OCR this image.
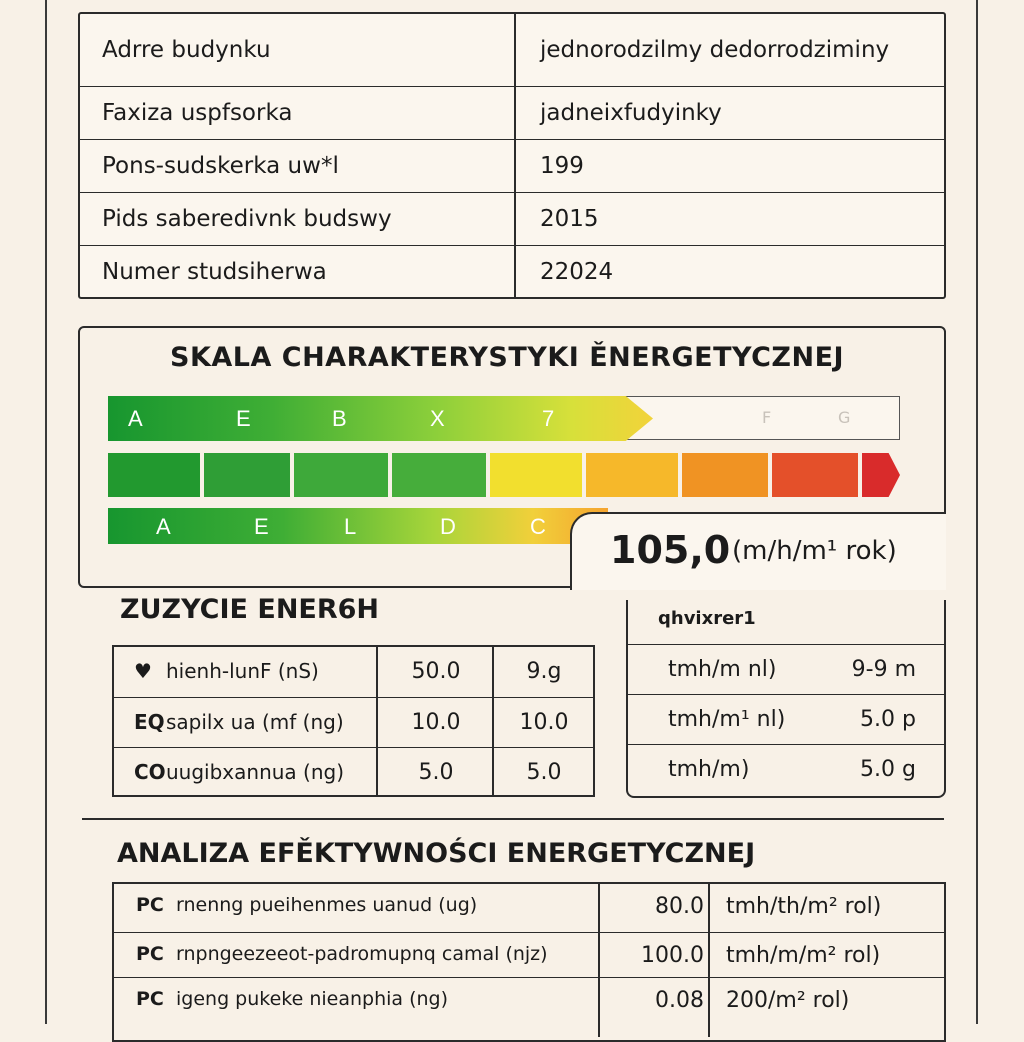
Adrre budynku	jednorodzilmy dedorrodziminy
Faxiza uspfsorka	jadneixfudyinky
Pons-sudskerka uw*l	199
Pids saberedivnk budswy	2015
Numer studsiherwa	22024
SKALA CHARAKTERYSTYKI ĚNERGETYCZNEJ
A	E	B	X	7	F	G
A	E	L	D	C
105,0 (m/h/m¹ rok)
ZUZYCIE ENER6H
♥ hienh-lunF (nS)	50.0	9.g
EQ sapilx ua (mf (ng)	10.0	10.0
CO uugibxannua (ng)	5.0	5.0
qhvixrer1
tmh/m nl)	9-9 m
tmh/m¹ nl)	5.0 p
tmh/m)	5.0 g
ANALIZA EFĚKTYWNOŚCI ENERGETYCZNEJ
PC rnenng pueihenmes uanud (ug)	80.0 tmh/th/m² rol)
PC rnpngeezeeot-padromupnq camal (njz)	100.0 tmh/m/m² rol)
PC igeng pukeke nieanphia (ng)	0.08 200/m² rol)
